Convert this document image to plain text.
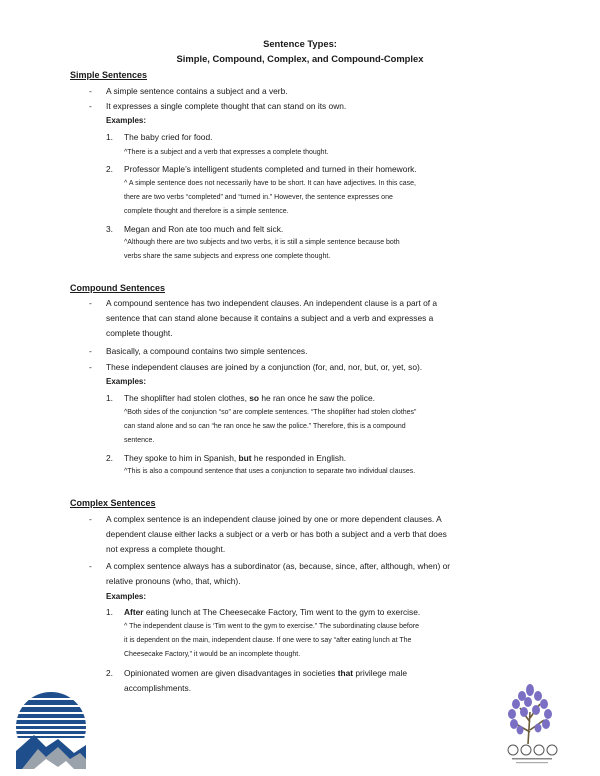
Sentence Types:
Simple, Compound, Complex, and Compound-Complex
Simple Sentences
- A simple sentence contains a subject and a verb.
- It expresses a single complete thought that can stand on its own.
Examples:
1. The baby cried for food.
^There is a subject and a verb that expresses a complete thought.
2. Professor Maple’s intelligent students completed and turned in their homework.
^ A simple sentence does not necessarily have to be short. It can have adjectives. In this case,
there are two verbs “completed” and “turned in.” However, the sentence expresses one
complete thought and therefore is a simple sentence.
3. Megan and Ron ate too much and felt sick.
^Although there are two subjects and two verbs, it is still a simple sentence because both
verbs share the same subjects and express one complete thought.
Compound Sentences
- A compound sentence has two independent clauses. An independent clause is a part of a
sentence that can stand alone because it contains a subject and a verb and expresses a
complete thought.
- Basically, a compound contains two simple sentences.
- These independent clauses are joined by a conjunction (for, and, nor, but, or, yet, so).
Examples:
1. The shoplifter had stolen clothes, so he ran once he saw the police.
^Both sides of the conjunction “so” are complete sentences. “The shoplifter had stolen clothes”
can stand alone and so can “he ran once he saw the police.” Therefore, this is a compound
sentence.
2. They spoke to him in Spanish, but he responded in English.
^This is also a compound sentence that uses a conjunction to separate two individual clauses.
Complex Sentences
- A complex sentence is an independent clause joined by one or more dependent clauses. A
dependent clause either lacks a subject or a verb or has both a subject and a verb that does
not express a complete thought.
- A complex sentence always has a subordinator (as, because, since, after, although, when) or
relative pronouns (who, that, which).
Examples:
1. After eating lunch at The Cheesecake Factory, Tim went to the gym to exercise.
^ The independent clause is ‘Tim went to the gym to exercise.” The subordinating clause before
it is dependent on the main, independent clause. If one were to say “after eating lunch at The
Cheesecake Factory,” it would be an incomplete thought.
2. Opinionated women are given disadvantages in societies that privilege male
accomplishments.
